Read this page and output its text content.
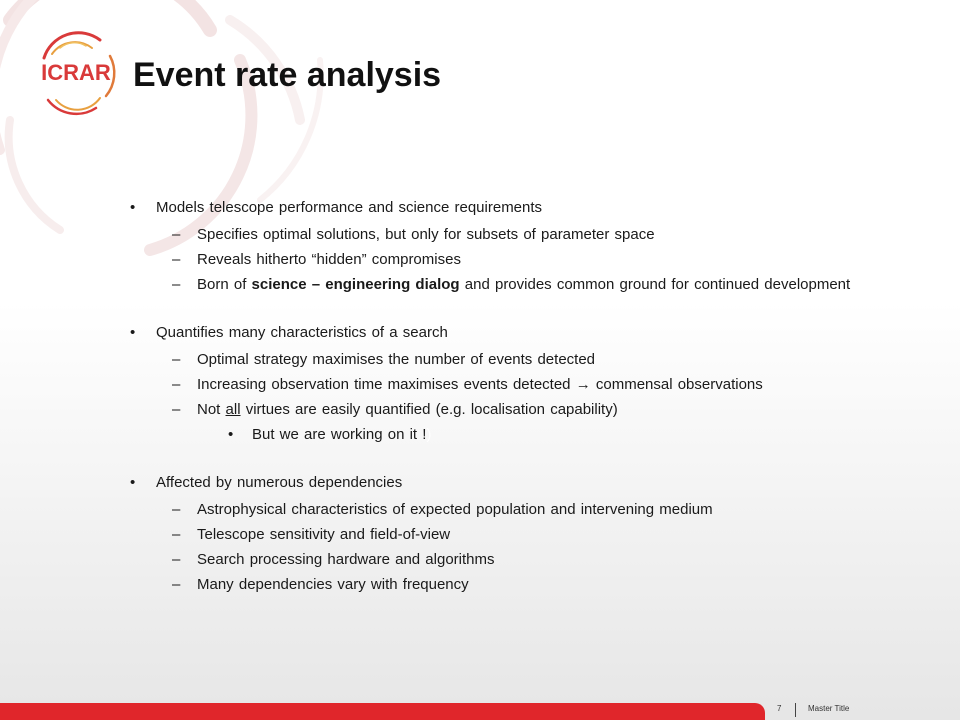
ICRAR Event rate analysis
•	Models telescope performance and science requirements
– Specifies optimal solutions, but only for subsets of parameter space
– Reveals hitherto “hidden” compromises
– Born of science – engineering dialog and provides common ground for continued development
•	Quantifies many characteristics of a search
– Optimal strategy maximises the number of events detected
– Increasing observation time maximises events detected → commensal observations
– Not all virtues are easily quantified (e.g. localisation capability)
• But we are working on it !)
•	Affected by numerous dependencies
– Astrophysical characteristics of expected population and intervening medium
– Telescope sensitivity and field-of-view
– Search processing hardware and algorithms
– Many dependencies vary with frequency
7	Master Title
